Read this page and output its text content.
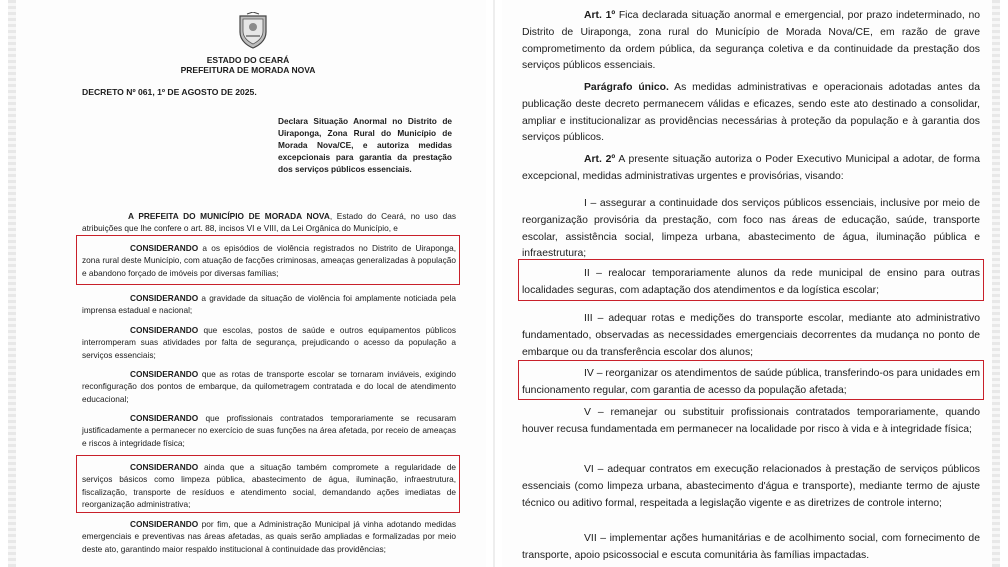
ESTADO DO CEARÁ
PREFEITURA DE MORADA NOVA
DECRETO Nº 061, 1º DE AGOSTO DE 2025.
Declara Situação Anormal no Distrito de Uiraponga, Zona Rural do Município de Morada Nova/CE, e autoriza medidas excepcionais para garantia da prestação dos serviços públicos essenciais.
A PREFEITA DO MUNICÍPIO DE MORADA NOVA, Estado do Ceará, no uso das atribuições que lhe confere o art. 88, incisos VI e VIII, da Lei Orgânica do Município, e
CONSIDERANDO a os episódios de violência registrados no Distrito de Uiraponga, zona rural deste Município, com atuação de facções criminosas, ameaças generalizadas à população e abandono forçado de imóveis por diversas famílias;
CONSIDERANDO a gravidade da situação de violência foi amplamente noticiada pela imprensa estadual e nacional;
CONSIDERANDO que escolas, postos de saúde e outros equipamentos públicos interromperam suas atividades por falta de segurança, prejudicando o acesso da população a serviços essenciais;
CONSIDERANDO que as rotas de transporte escolar se tornaram inviáveis, exigindo reconfiguração dos pontos de embarque, da quilometragem contratada e do local de atendimento educacional;
CONSIDERANDO que profissionais contratados temporariamente se recusaram justificadamente a permanecer no exercício de suas funções na área afetada, por receio de ameaças e riscos à integridade física;
CONSIDERANDO ainda que a situação também compromete a regularidade de serviços básicos como limpeza pública, abastecimento de água, iluminação, infraestrutura, fiscalização, transporte de resíduos e atendimento social, demandando ações imediatas de reorganização administrativa;
CONSIDERANDO por fim, que a Administração Municipal já vinha adotando medidas emergenciais e preventivas nas áreas afetadas, as quais serão ampliadas e formalizadas por meio deste ato, garantindo maior respaldo institucional à continuidade das providências;
Art. 1º Fica declarada situação anormal e emergencial, por prazo indeterminado, no Distrito de Uiraponga, zona rural do Município de Morada Nova/CE, em razão de grave comprometimento da ordem pública, da segurança coletiva e da continuidade da prestação dos serviços públicos essenciais.
Parágrafo único. As medidas administrativas e operacionais adotadas antes da publicação deste decreto permanecem válidas e eficazes, sendo este ato destinado a consolidar, ampliar e institucionalizar as providências necessárias à proteção da população e à garantia dos serviços públicos.
Art. 2º A presente situação autoriza o Poder Executivo Municipal a adotar, de forma excepcional, medidas administrativas urgentes e provisórias, visando:
I – assegurar a continuidade dos serviços públicos essenciais, inclusive por meio de reorganização provisória da prestação, com foco nas áreas de educação, saúde, transporte escolar, assistência social, limpeza urbana, abastecimento de água, iluminação pública e infraestrutura;
II – realocar temporariamente alunos da rede municipal de ensino para outras localidades seguras, com adaptação dos atendimentos e da logística escolar;
III – adequar rotas e medições do transporte escolar, mediante ato administrativo fundamentado, observadas as necessidades emergenciais decorrentes da mudança no ponto de embarque ou da transferência escolar dos alunos;
IV – reorganizar os atendimentos de saúde pública, transferindo-os para unidades em funcionamento regular, com garantia de acesso da população afetada;
V – remanejar ou substituir profissionais contratados temporariamente, quando houver recusa fundamentada em permanecer na localidade por risco à vida e à integridade física;
VI – adequar contratos em execução relacionados à prestação de serviços públicos essenciais (como limpeza urbana, abastecimento d'água e transporte), mediante termo de ajuste técnico ou aditivo formal, respeitada a legislação vigente e as diretrizes de controle interno;
VII – implementar ações humanitárias e de acolhimento social, com fornecimento de transporte, apoio psicossocial e escuta comunitária às famílias impactadas.
